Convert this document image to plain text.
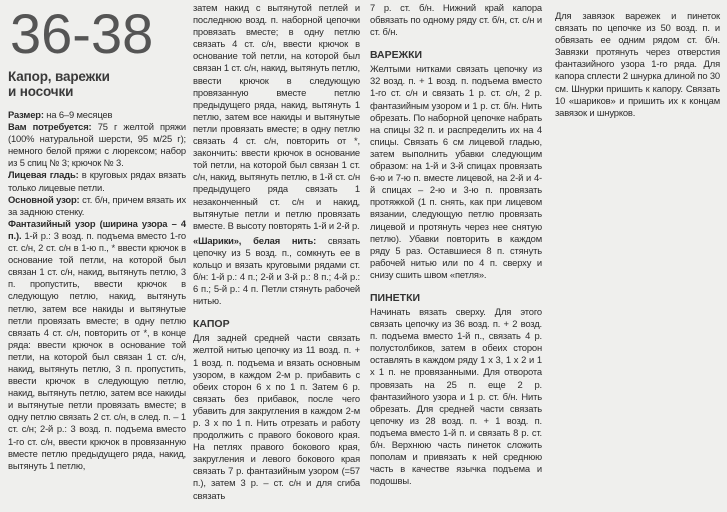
36-38
Капор, варежки
и носочки

Размер: на 6–9 месяцев

Вам потребуется: 75 г желтой пряжи (100% натуральной шерсти, 95 м/25 г); немного белой пряжи с люрексом; набор из 5 спиц № 3; крючок № 3.

Лицевая гладь: в круговых рядах вязать только лицевые петли.

Основной узор: ст. б/н, причем вязать их за заднюю стенку.

Фантазийный узор (ширина узора – 4 п.). 1-й р.: 3 возд. п. подъема вместо 1-го ст. с/н, 2 ст. с/н в 1-ю п., * ввести крючок в основание той петли, на которой был связан 1 ст. с/н, накид, вытянуть петлю, 3 п. пропустить, ввести крючок в следующую петлю, накид, вытянуть петлю, затем все накиды и вытянутые петли провязать вместе; в одну петлю связать 4 ст. с/н, повторить от *, в конце ряда: ввести крючок в основание той петли, на которой был связан 1 ст. с/н, накид, вытянуть петлю, 3 п. пропустить, ввести крючок в следующую петлю, накид, вытянуть петлю, затем все накиды и вытянутые петли провязать вместе; в одну петлю связать 2 ст. с/н, в след. п. – 1 ст. с/н; 2-й р.: 3 возд. п. подъема вместо 1-го ст. с/н, ввести крючок в провязанную вместе петлю предыдущего ряда, накид, вытянуть 1 петлю,

затем накид с вытянутой петлей и последнюю возд. п. наборной цепочки провязать вместе; в одну петлю связать 4 ст. с/н, ввести крючок в основание той петли, на которой был связан 1 ст. с/н, накид, вытянуть петлю, ввести крючок в следующую провязанную вместе петлю предыдущего ряда, накид, вытянуть 1 петлю, затем все накиды и вытянутые петли провязать вместе; в одну петлю связать 4 ст. с/н, повторить от *, закончить: ввести крючок в основание той петли, на которой был связан 1 ст. с/н, накид, вытянуть петлю, в 1-й ст. с/н предыдущего ряда связать 1 незаконченный ст. с/н и накид, вытянутые петли и петлю провязать вместе. В высоту повторять 1-й и 2-й р.

«Шарики», белая нить: связать цепочку из 5 возд. п., сомкнуть ее в кольцо и вязать круговыми рядами ст. б/н: 1-й р.: 4 п.; 2-й и 3-й р.: 8 п.; 4-й р.: 6 п.; 5-й р.: 4 п. Петли стянуть рабочей нитью.

КАПОР

Для задней средней части связать желтой нитью цепочку из 11 возд. п. + 1 возд. п. подъема и вязать основным узором, в каждом 2-м р. прибавить с обеих сторон 6 х по 1 п. Затем 6 р. связать без прибавок, после чего убавить для закругления в каждом 2-м р. 3 х по 1 п. Нить отрезать и работу продолжить с правого бокового края. На петлях правого бокового края, закругления и левого бокового края связать 7 р. фантазийным узором (=57 п.), затем 3 р. – ст. с/н и для сгиба связать

7 р. ст. б/н. Нижний край капора обвязать по одному ряду ст. б/н, ст. с/н и ст. б/н.

ВАРЕЖКИ

Желтыми нитками связать цепочку из 32 возд. п. + 1 возд. п. подъема вместо 1-го ст. с/н и связать 1 р. ст. с/н, 2 р. фантазийным узором и 1 р. ст. б/н. Нить обрезать. По наборной цепочке набрать на спицы 32 п. и распределить их на 4 спицы. Связать 6 см лицевой гладью, затем выполнить убавки следующим образом: на 1-й и 3-й спицах провязать 6-ю и 7-ю п. вместе лицевой, на 2-й и 4-й спицах – 2-ю и 3-ю п. провязать протяжкой (1 п. снять, как при лицевом вязании, следующую петлю провязать лицевой и протянуть через нее снятую петлю). Убавки повторить в каждом ряду 5 раз. Оставшиеся 8 п. стянуть рабочей нитью или по 4 п. сверху и снизу сшить швом «петля».

ПИНЕТКИ

Начинать вязать сверху. Для этого связать цепочку из 36 возд. п. + 2 возд. п. подъема вместо 1-й п., связать 4 р. полустолбиков, затем в обеих сторон оставлять в каждом ряду 1 х 3, 1 х 2 и 1 х 1 п. не провязанными. Для отворота провязать на 25 п. еще 2 р. фантазийного узора и 1 р. ст. б/н. Нить обрезать. Для средней части связать цепочку из 28 возд. п. + 1 возд. п. подъема вместо 1-й п. и связать 8 р. ст. б/н. Верхнюю часть пинеток сложить пополам и привязать к ней среднюю часть в качестве язычка подъема и подошвы.

Для завязок варежек и пинеток связать по цепочке из 50 возд. п. и обвязать ее одним рядом ст. б/н. Завязки протянуть через отверстия фантазийного узора 1-го ряда. Для капора сплести 2 шнурка длиной по 30 см. Шнурки пришить к капору. Связать 10 «шариков» и пришить их к концам завязок и шнурков.
